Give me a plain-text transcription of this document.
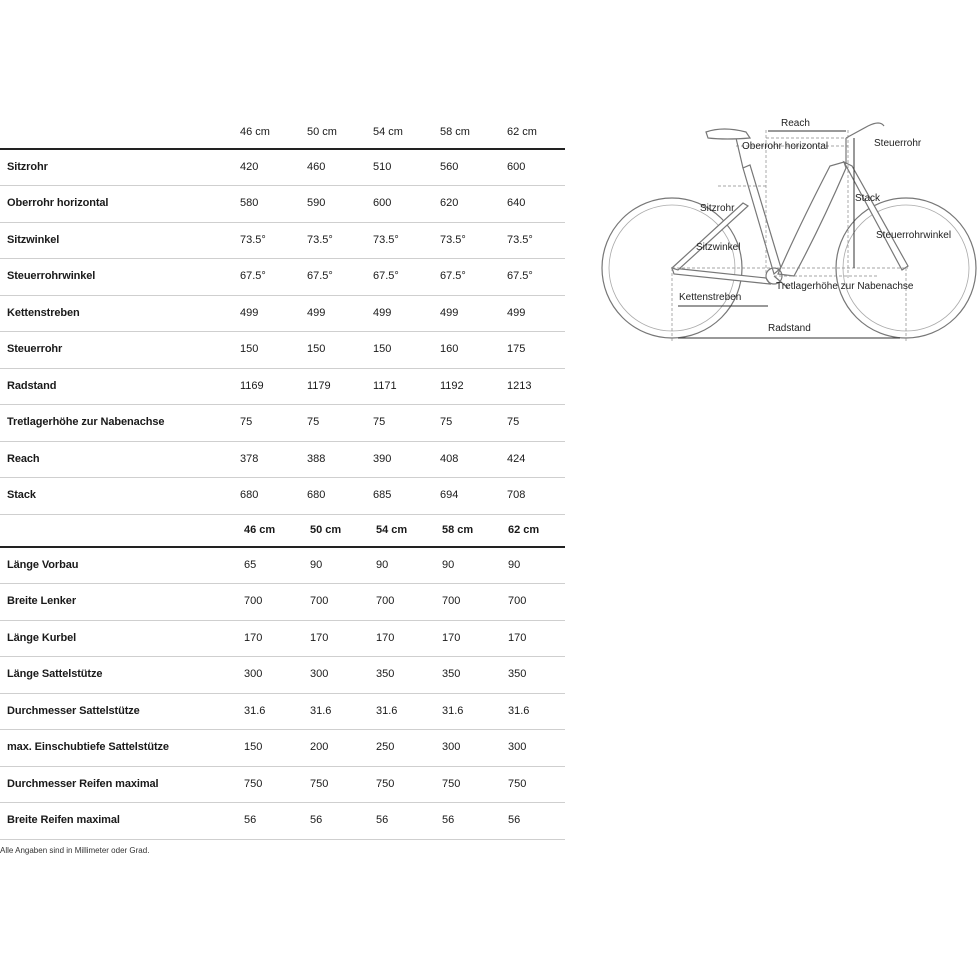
46 cm	50 cm	54 cm	58 cm	62 cm
Sitzrohr	420	460	510	560	600
Oberrohr horizontal	580	590	600	620	640
Sitzwinkel	73.5°	73.5°	73.5°	73.5°	73.5°
Steuerrohrwinkel	67.5°	67.5°	67.5°	67.5°	67.5°
Kettenstreben	499	499	499	499	499
Steuerrohr	150	150	150	160	175
Radstand	1169	1179	1171	1192	1213
Tretlagerhöhe zur Nabenachse	75	75	75	75	75
Reach	378	388	390	408	424
Stack	680	680	685	694	708
46 cm	50 cm	54 cm	58 cm	62 cm
Länge Vorbau	65	90	90	90	90
Breite Lenker	700	700	700	700	700
Länge Kurbel	170	170	170	170	170
Länge Sattelstütze	300	300	350	350	350
Durchmesser Sattelstütze	31.6	31.6	31.6	31.6	31.6
max. Einschubtiefe Sattelstütze	150	200	250	300	300
Durchmesser Reifen maximal	750	750	750	750	750
Breite Reifen maximal	56	56	56	56	56
Alle Angaben sind in Millimeter oder Grad.
Reach
Oberrohr horizontal	Steuerrohr
Sitzrohr
Stack
Sitzwinkel
Steuerrohrwinkel
Kettenstreben
Tretlagerhöhe zur Nabenachse
Radstand
